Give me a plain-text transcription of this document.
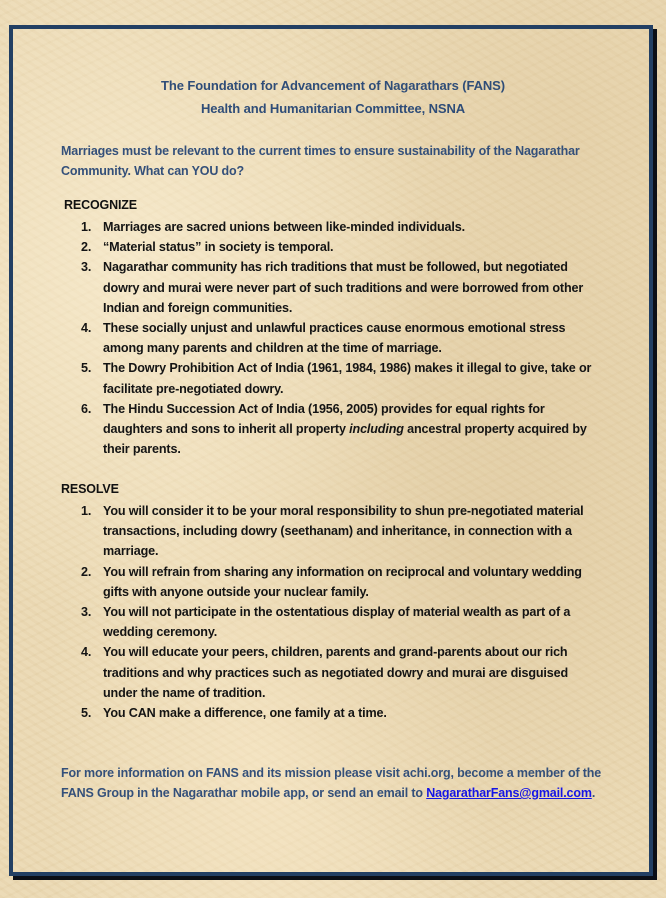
The Foundation for Advancement of Nagarathars (FANS)
Health and Humanitarian Committee, NSNA
Marriages must be relevant to the current times to ensure sustainability of the Nagarathar Community. What can YOU do?
RECOGNIZE
1. Marriages are sacred unions between like-minded individuals.
2. “Material status” in society is temporal.
3. Nagarathar community has rich traditions that must be followed, but negotiated dowry and murai were never part of such traditions and were borrowed from other Indian and foreign communities.
4. These socially unjust and unlawful practices cause enormous emotional stress among many parents and children at the time of marriage.
5. The Dowry Prohibition Act of India (1961, 1984, 1986) makes it illegal to give, take or facilitate pre-negotiated dowry.
6. The Hindu Succession Act of India (1956, 2005) provides for equal rights for daughters and sons to inherit all property including ancestral property acquired by their parents.
RESOLVE
1. You will consider it to be your moral responsibility to shun pre-negotiated material transactions, including dowry (seethanam) and inheritance, in connection with a marriage.
2. You will refrain from sharing any information on reciprocal and voluntary wedding gifts with anyone outside your nuclear family.
3. You will not participate in the ostentatious display of material wealth as part of a wedding ceremony.
4. You will educate your peers, children, parents and grand-parents about our rich traditions and why practices such as negotiated dowry and murai are disguised under the name of tradition.
5. You CAN make a difference, one family at a time.
For more information on FANS and its mission please visit achi.org, become a member of the FANS Group in the Nagarathar mobile app, or send an email to NagaratharFans@gmail.com.
